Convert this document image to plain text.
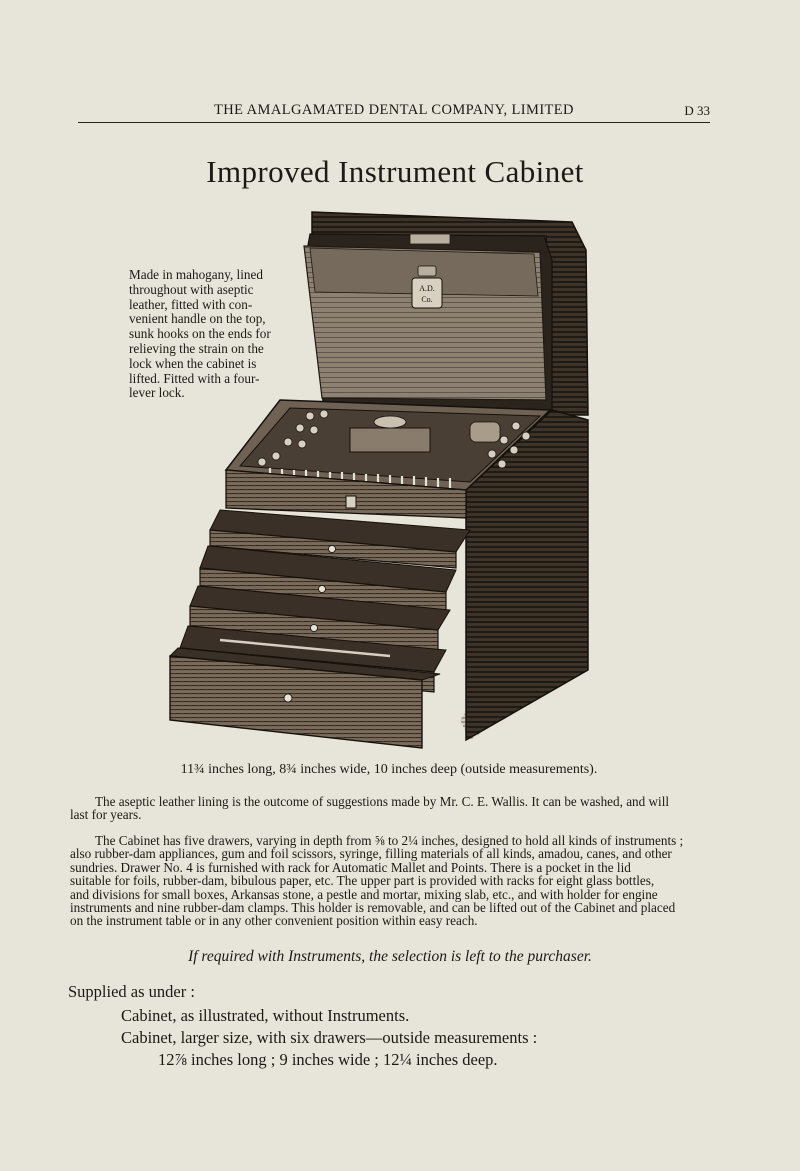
THE AMALGAMATED DENTAL COMPANY, LIMITED	D 33
Improved Instrument Cabinet
Made in mahogany, lined
throughout with aseptic
leather, fitted with con-
venient handle on the top,
sunk hooks on the ends for
relieving the strain on the
lock when the cabinet is
lifted. Fitted with a four-
lever lock.
A.D.
Co.
11¾ inches long, 8¾ inches wide, 10 inches deep (outside measurements).
The aseptic leather lining is the outcome of suggestions made by Mr. C. E. Wallis. It can be washed, and will
last for years.
The Cabinet has five drawers, varying in depth from ⅝ to 2¼ inches, designed to hold all kinds of instruments ;
also rubber-dam appliances, gum and foil scissors, syringe, filling materials of all kinds, amadou, canes, and other
sundries. Drawer No. 4 is furnished with rack for Automatic Mallet and Points. There is a pocket in the lid
suitable for foils, rubber-dam, bibulous paper, etc. The upper part is provided with racks for eight glass bottles,
and divisions for small boxes, Arkansas stone, a pestle and mortar, mixing slab, etc., and with holder for engine
instruments and nine rubber-dam clamps. This holder is removable, and can be lifted out of the Cabinet and placed
on the instrument table or in any other convenient position within easy reach.
If required with Instruments, the selection is left to the purchaser.
Supplied as under :
Cabinet, as illustrated, without Instruments.
Cabinet, larger size, with six drawers—outside measurements :
12⅞ inches long ; 9 inches wide ; 12¼ inches deep.
